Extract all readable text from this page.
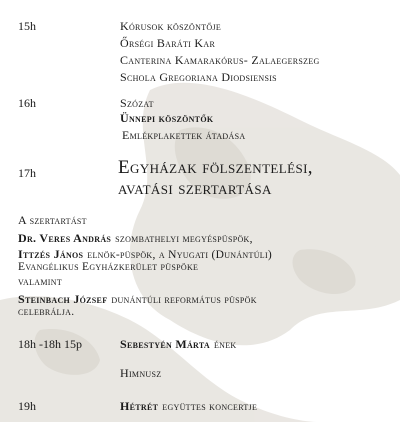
15h	Kórusok köszöntője
Őrségi Baráti Kar
Canterina Kamarakórus- Zalaegerszeg
Schola Gregoriana Diodsiensis
16h	Szózat
Ünnepi köszöntők
Emlékplakettek átadása
17h	Egyházak fölszentelési,
avatási szertartása
A szertartást
Dr. Veres András szombathelyi megyéspüspök,
Ittzés János elnök-püspök, a Nyugati (Dunántúli)
Evangélikus Egyházkerület püspöke
valamint
Steinbach József dunántúli református püspök
celebrálja.
18h -18h 15p	Sebestyén Márta ének
Himnusz
19h	Hétrét együttes koncertje
